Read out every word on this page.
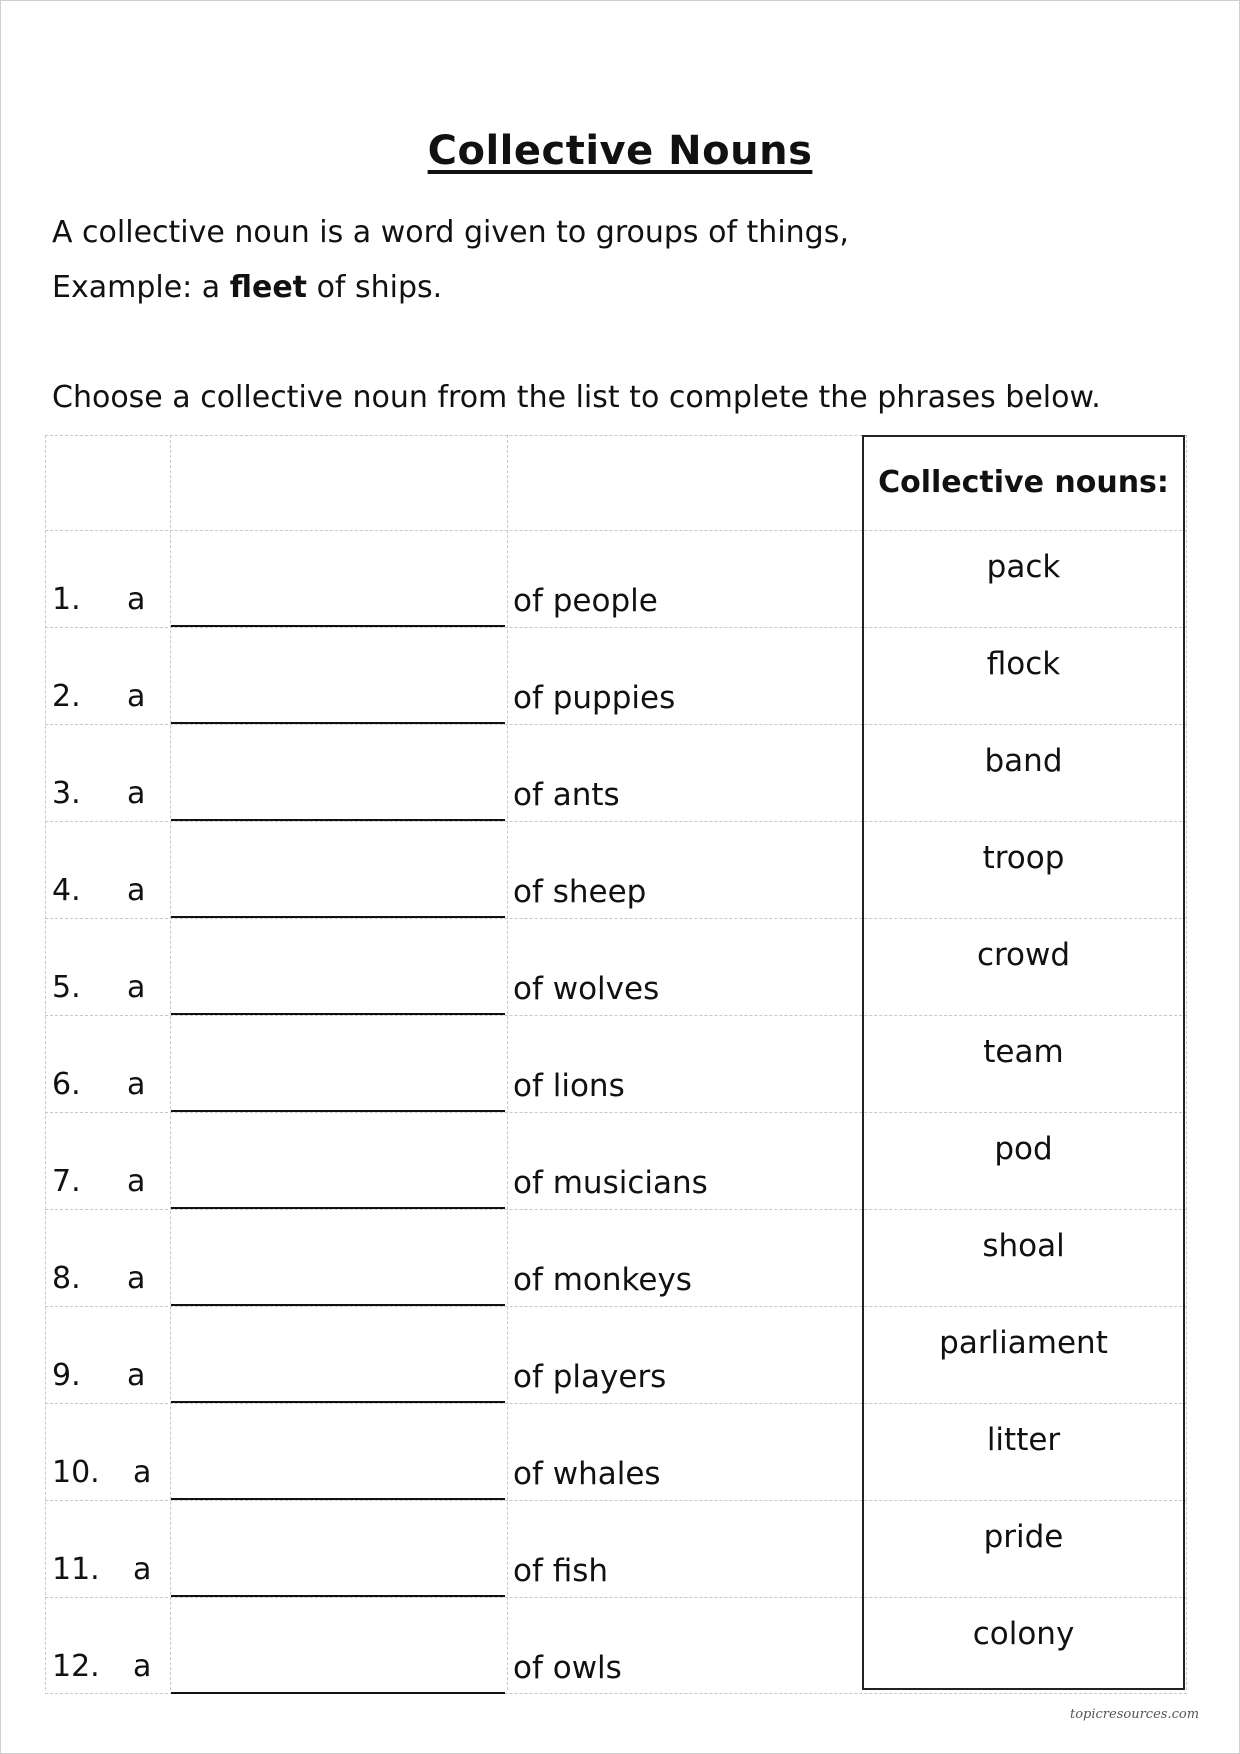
Collective Nouns
A collective noun is a word given to groups of things,
Example: a fleet of ships.
Choose a collective noun from the list to complete the phrases below.
1. a	of people
2. a	of puppies
3. a	of ants
4. a	of sheep
5. a	of wolves
6. a	of lions
7. a	of musicians
8. a	of monkeys
9. a	of players
10. a	of whales
11. a	of fish
12. a	of owls
Collective nouns:
pack
flock
band
troop
crowd
team
pod
shoal
parliament
litter
pride
colony
topicresources.com
